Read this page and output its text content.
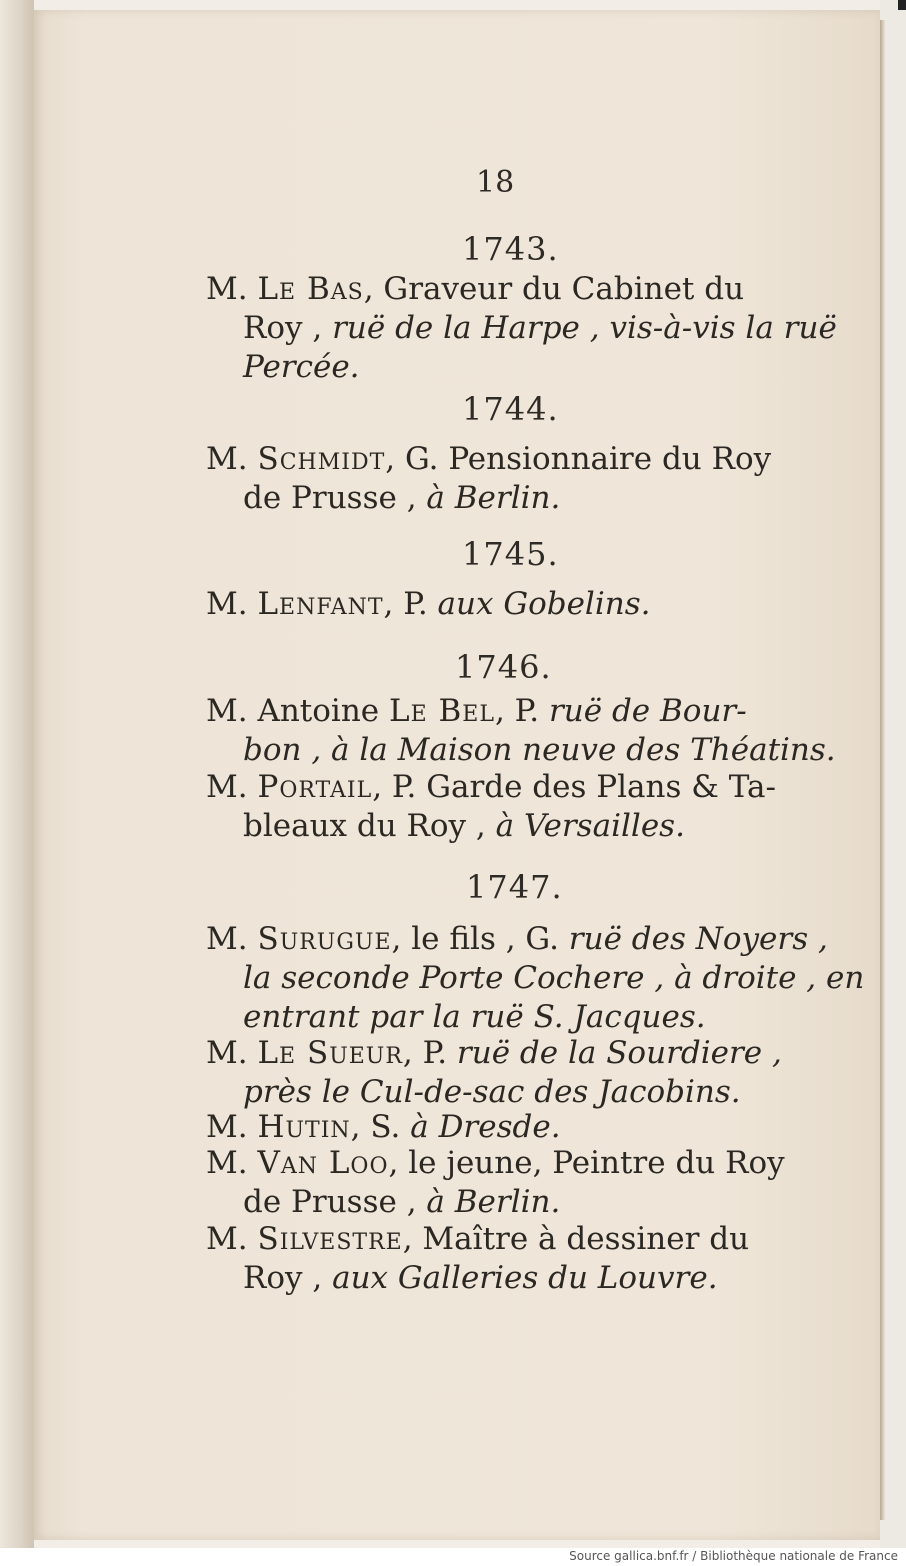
18
1743.
M. Le Bas, Graveur du Cabinet du
Roy , ruë de la Harpe , vis-à-vis la ruë
Percée.
1744.
M. Schmidt, G. Pensionnaire du Roy
de Prusse , à Berlin.
1745.
M. Lenfant, P. aux Gobelins.
1746.
M. Antoine Le Bel, P. ruë de Bour-
bon , à la Maison neuve des Théatins.
M. Portail, P. Garde des Plans & Ta-
bleaux du Roy , à Versailles.
1747.
M. Surugue, le fils , G. ruë des Noyers ,
la seconde Porte Cochere , à droite , en
entrant par la ruë S. Jacques.
M. Le Sueur, P. ruë de la Sourdiere ,
près le Cul-de-sac des Jacobins.
M. Hutin, S. à Dresde.
M. Van Loo, le jeune, Peintre du Roy
de Prusse , à Berlin.
M. Silvestre, Maître à dessiner du
Roy , aux Galleries du Louvre.
Source gallica.bnf.fr / Bibliothèque nationale de France
